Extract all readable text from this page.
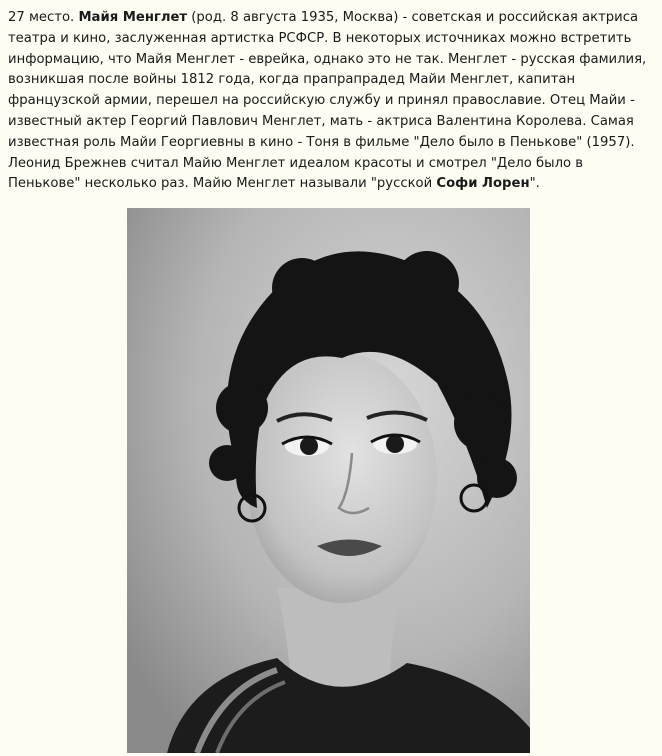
27 место. Майя Менглет (род. 8 августа 1935, Москва) - советская и российская актриса театра и кино, заслуженная артистка РСФСР. В некоторых источниках можно встретить информацию, что Майя Менглет - еврейка, однако это не так. Менглет - русская фамилия, возникшая после войны 1812 года, когда прапрапрадед Майи Менглет, капитан французской армии, перешел на российскую службу и принял православие. Отец Майи - известный актер Георгий Павлович Менглет, мать - актриса Валентина Королева. Самая известная роль Майи Георгиевны в кино - Тоня в фильме "Дело было в Пенькове" (1957). Леонид Брежнев считал Майю Менглет идеалом красоты и смотрел "Дело было в Пенькове" несколько раз. Майю Менглет называли "русской Софи Лорен".
